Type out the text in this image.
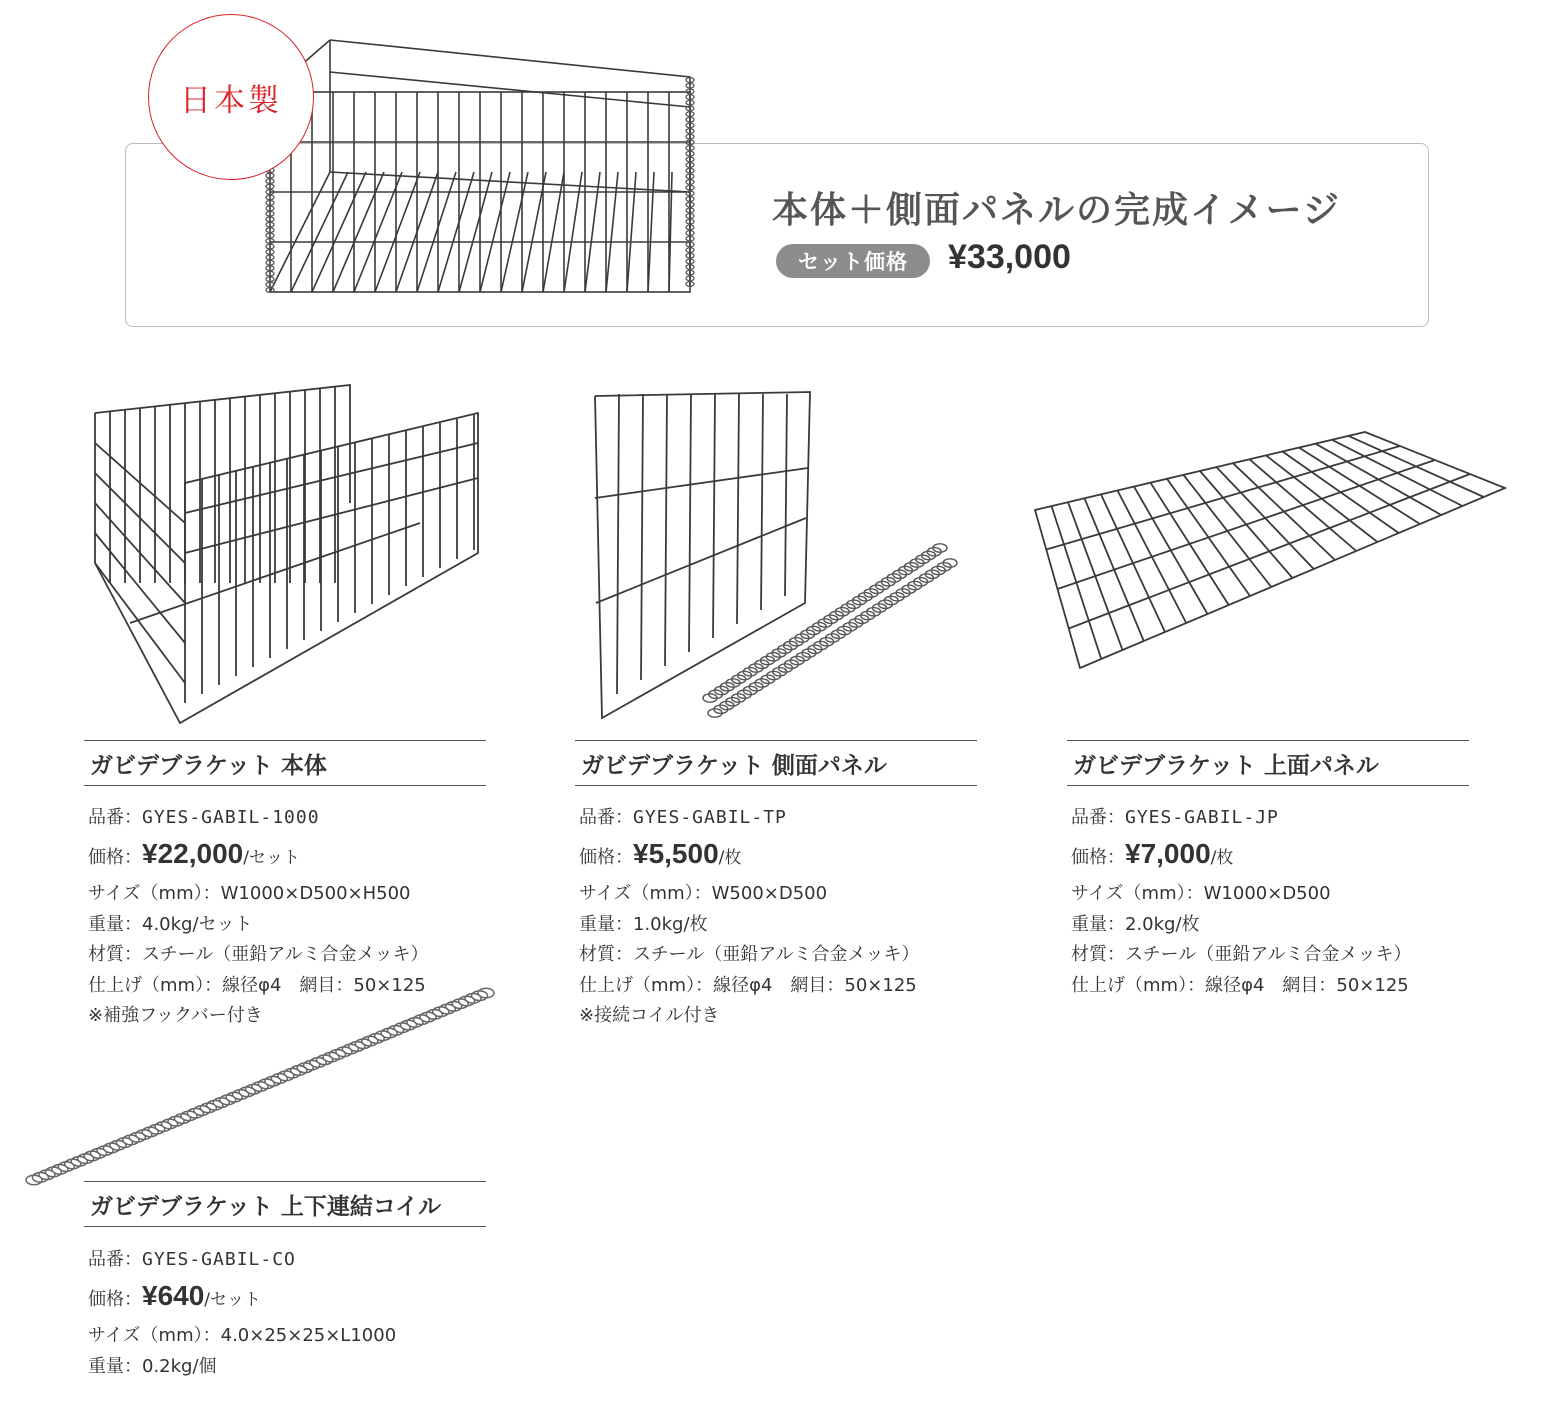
日本製
本体＋側面パネルの完成イメージ
セット価格	¥33,000
ガビデブラケット 本体
品番：GYES-GABIL-1000
価格：¥22,000/セット
サイズ（mm）：W1000×D500×H500
重量：4.0kg/セット
材質：スチール（亜鉛アルミ合金メッキ）
仕上げ（mm）：線径φ4　網目：50×125
※補強フックバー付き
ガビデブラケット 側面パネル
品番：GYES-GABIL-TP
価格：¥5,500/枚
サイズ（mm）：W500×D500
重量：1.0kg/枚
材質：スチール（亜鉛アルミ合金メッキ）
仕上げ（mm）：線径φ4　網目：50×125
※接続コイル付き
ガビデブラケット 上面パネル
品番：GYES-GABIL-JP
価格：¥7,000/枚
サイズ（mm）：W1000×D500
重量：2.0kg/枚
材質：スチール（亜鉛アルミ合金メッキ）
仕上げ（mm）：線径φ4　網目：50×125
ガビデブラケット 上下連結コイル
品番：GYES-GABIL-CO
価格：¥640/セット
サイズ（mm）：4.0×25×25×L1000
重量：0.2kg/個
